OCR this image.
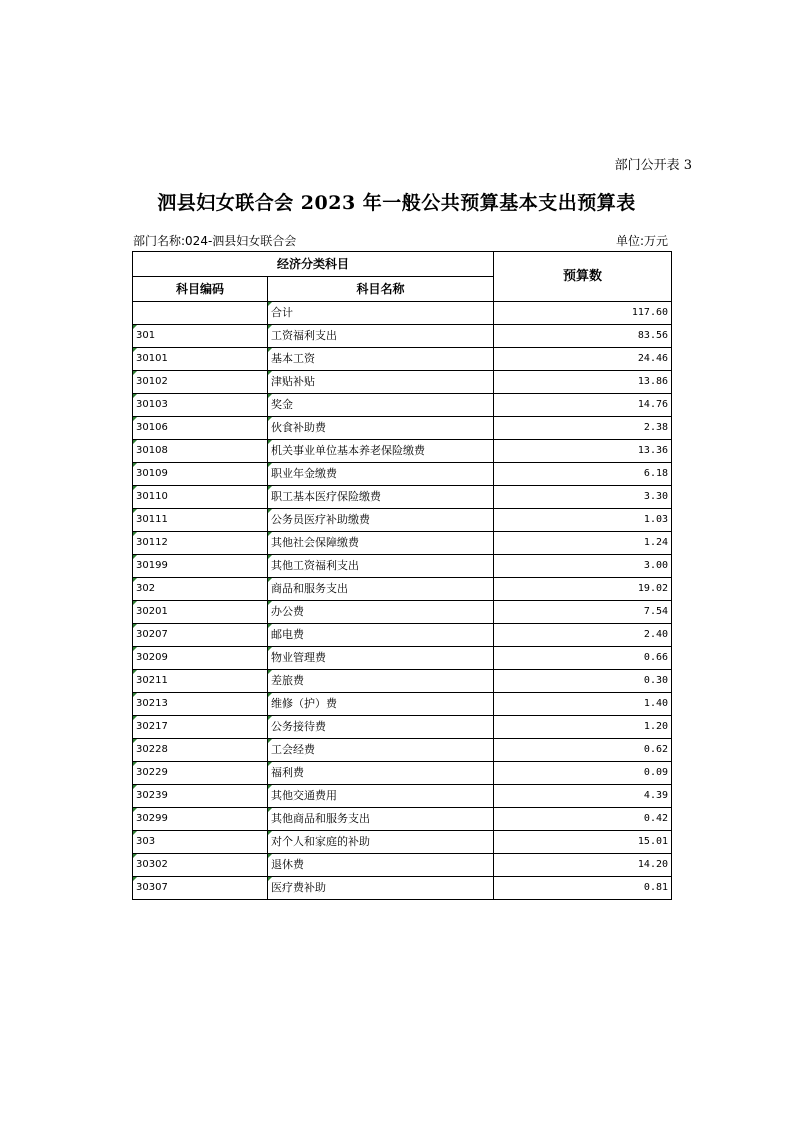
部门公开表 3
泗县妇女联合会 2023 年一般公共预算基本支出预算表
部门名称:024-泗县妇女联合会	单位:万元
经济分类科目		预算数
科目编码	科目名称	
	合计	117.60
301	工资福利支出	83.56
30101	基本工资	24.46
30102	津贴补贴	13.86
30103	奖金	14.76
30106	伙食补助费	2.38
30108	机关事业单位基本养老保险缴费	13.36
30109	职业年金缴费	6.18
30110	职工基本医疗保险缴费	3.30
30111	公务员医疗补助缴费	1.03
30112	其他社会保障缴费	1.24
30199	其他工资福利支出	3.00
302	商品和服务支出	19.02
30201	办公费	7.54
30207	邮电费	2.40
30209	物业管理费	0.66
30211	差旅费	0.30
30213	维修（护）费	1.40
30217	公务接待费	1.20
30228	工会经费	0.62
30229	福利费	0.09
30239	其他交通费用	4.39
30299	其他商品和服务支出	0.42
303	对个人和家庭的补助	15.01
30302	退休费	14.20
30307	医疗费补助	0.81
